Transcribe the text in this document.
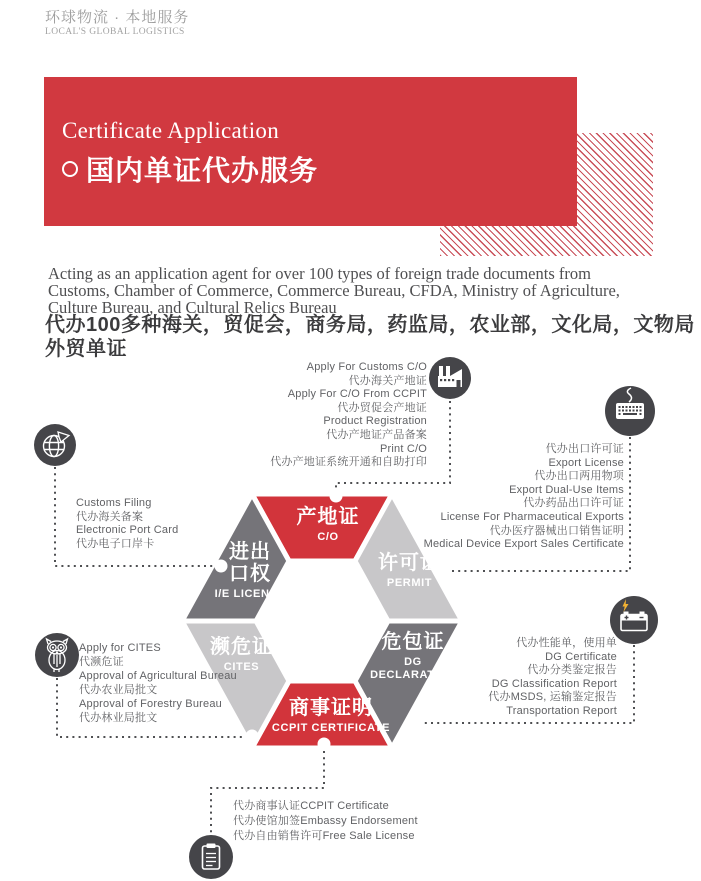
环球物流 · 本地服务
LOCAL'S GLOBAL LOGISTICS
Certificate Application
国内单证代办服务
Acting as an application agent for over 100 types of foreign trade documents from Customs, Chamber of Commerce, Commerce Bureau, CFDA, Ministry of Agriculture, Culture Bureau, and Cultural Relics Bureau
代办100多种海关，贸促会，商务局，药监局，农业部，文化局，文物局外贸单证
产地证
C/O
进出
口权
I/E LICENSE
许可证
PERMIT
濒危证
CITES
危包证
DG
DECLARATION
商事证明
CCPIT CERTIFICATE
Apply For Customs C/O
代办海关产地证
Apply For C/O From CCPIT
代办贸促会产地证
Product Registration
代办产地证产品备案
Print C/O
代办产地证系统开通和自助打印
代办出口许可证
Export License
代办出口两用物项
Export Dual-Use Items
代办药品出口许可证
License For Pharmaceutical Exports
代办医疗器械出口销售证明
Medical Device Export Sales Certificate
Customs Filing
代办海关备案
Electronic Port Card
代办电子口岸卡
Apply for CITES
代濒危证
Approval of Agricultural Bureau
代办农业局批文
Approval of Forestry Bureau
代办林业局批文
代办性能单，使用单
DG Certificate
代办分类鉴定报告
DG Classification Report
代办MSDS, 运输鉴定报告
Transportation Report
代办商事认证CCPIT Certificate
代办使馆加签Embassy Endorsement
代办自由销售许可Free Sale License
